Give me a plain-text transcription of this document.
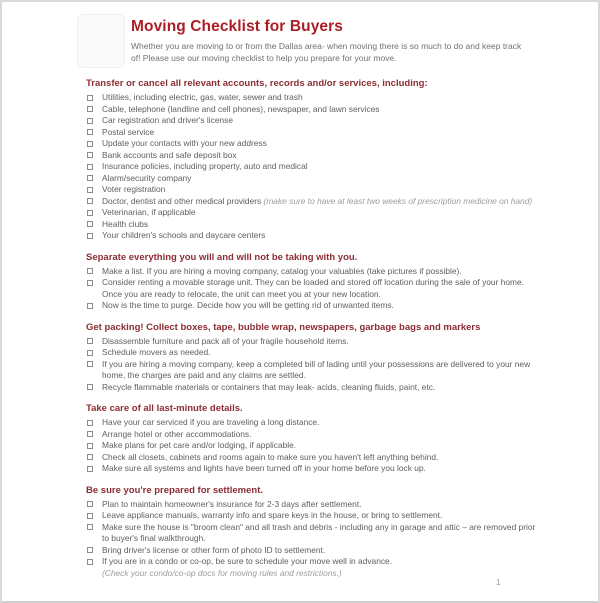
Moving Checklist for Buyers

Whether you are moving to or from the Dallas area- when moving there is so much to do and keep track of! Please use our moving checklist to help you prepare for your move.

Transfer or cancel all relevant accounts, records and/or services, including:
Utilities, including electric, gas, water, sewer and trash
Cable, telephone (landline and cell phones), newspaper, and lawn services
Car registration and driver's license
Postal service
Update your contacts with your new address
Bank accounts and safe deposit box
Insurance policies, including property, auto and medical
Alarm/security company
Voter registration
Doctor, dentist and other medical providers (make sure to have at least two weeks of prescription medicine on hand)
Veterinarian, if applicable
Health clubs
Your children's schools and daycare centers
Separate everything you will and will not be taking with you.
Make a list. If you are hiring a moving company, catalog your valuables (take pictures if possible).
Consider renting a movable storage unit. They can be loaded and stored off location during the sale of your home. Once you are ready to relocate, the unit can meet you at your new location.
Now is the time to purge. Decide how you will be getting rid of unwanted items.
Get packing! Collect boxes, tape, bubble wrap, newspapers, garbage bags and markers
Disassemble furniture and pack all of your fragile household items.
Schedule movers as needed.
If you are hiring a moving company, keep a completed bill of lading until your possessions are delivered to your new home, the charges are paid and any claims are settled.
Recycle flammable materials or containers that may leak- acids, cleaning fluids, paint, etc.
Take care of all last-minute details.
Have your car serviced if you are traveling a long distance.
Arrange hotel or other accommodations.
Make plans for pet care and/or lodging, if applicable.
Check all closets, cabinets and rooms again to make sure you haven't left anything behind.
Make sure all systems and lights have been turned off in your home before you lock up.
Be sure you're prepared for settlement.
Plan to maintain homeowner's insurance for 2-3 days after settlement.
Leave appliance manuals, warranty info and spare keys in the house, or bring to settlement.
Make sure the house is "broom clean" and all trash and debris - including any in garage and attic – are removed prior to buyer's final walkthrough.
Bring driver's license or other form of photo ID to settlement.
If you are in a condo or co-op, be sure to schedule your move well in advance.
(Check your condo/co-op docs for moving rules and restrictions.)
1
